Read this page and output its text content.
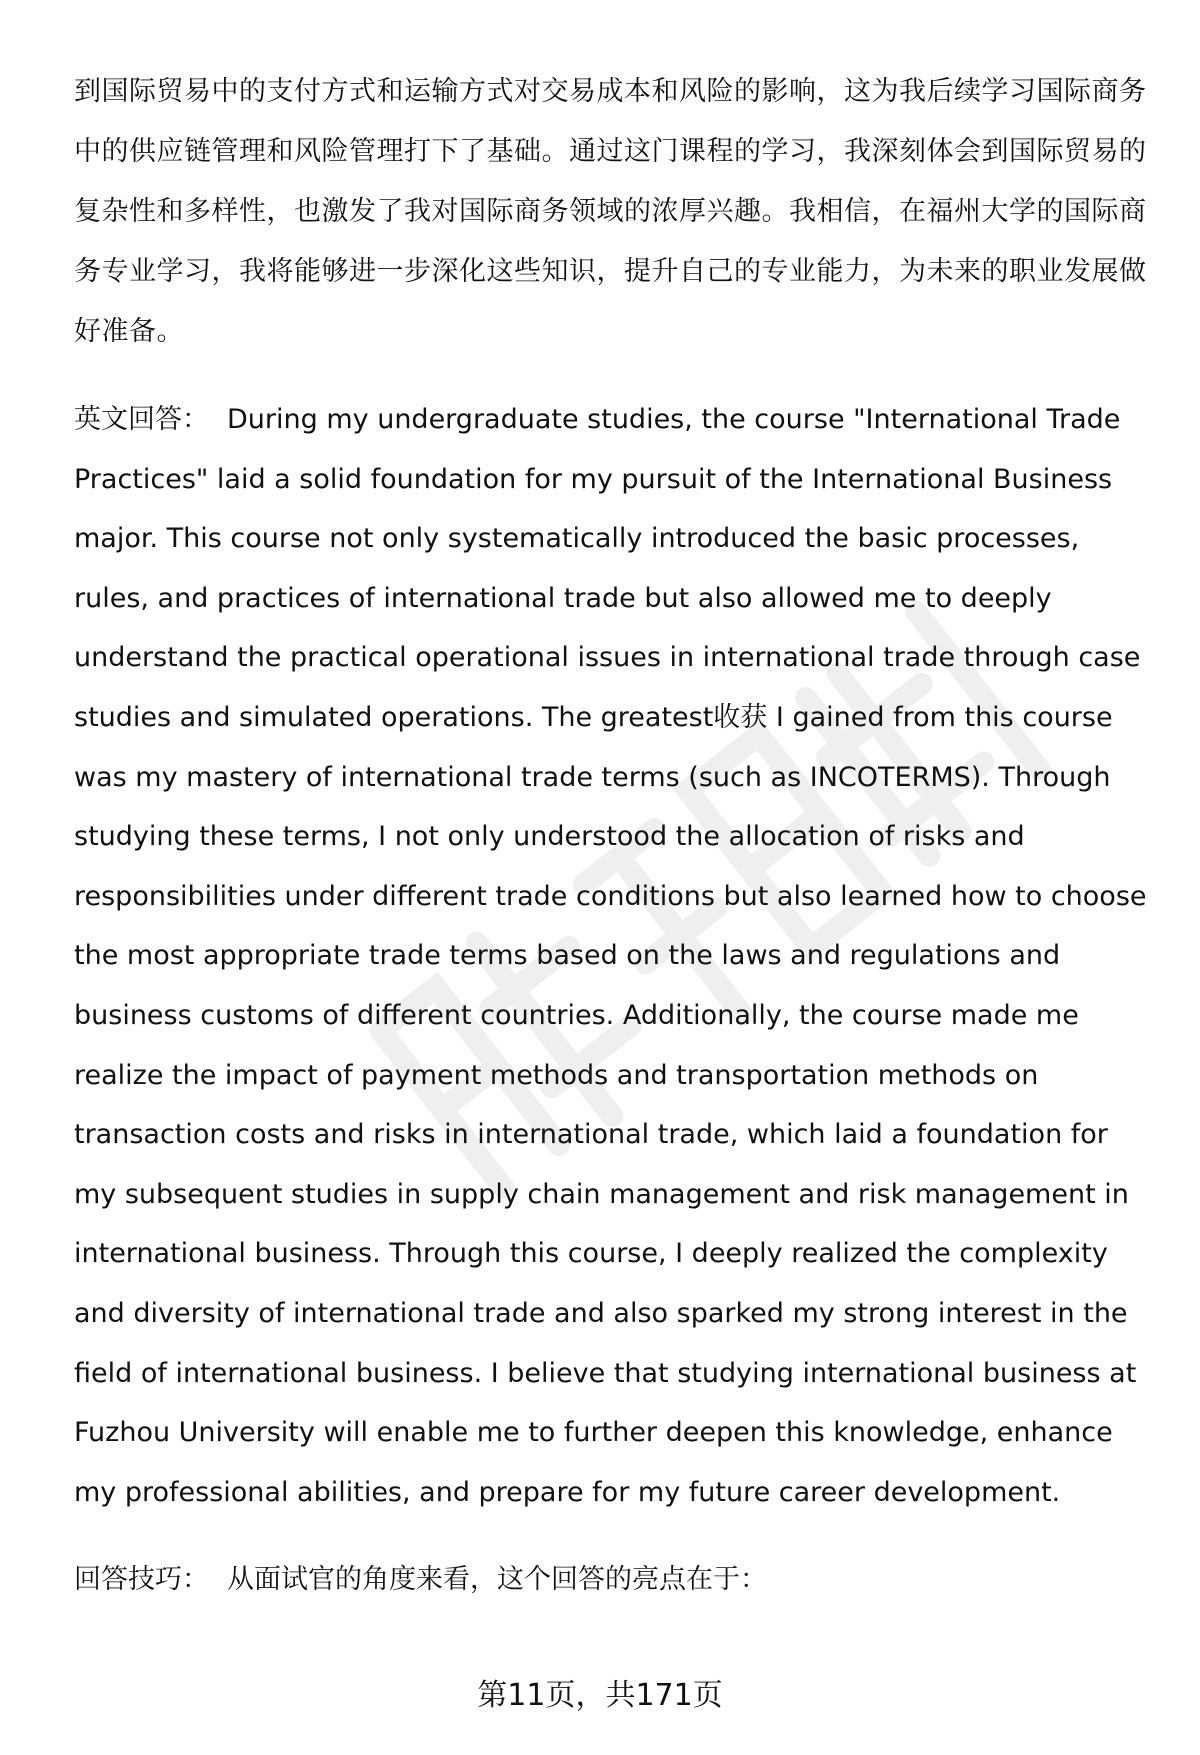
到国际贸易中的支付方式和运输方式对交易成本和风险的影响，这为我后续学习国际商务中的供应链管理和风险管理打下了基础。通过这门课程的学习，我深刻体会到国际贸易的复杂性和多样性，也激发了我对国际商务领域的浓厚兴趣。我相信，在福州大学的国际商务专业学习，我将能够进一步深化这些知识，提升自己的专业能力，为未来的职业发展做好准备。

英文回答： During my undergraduate studies, the course "International Trade Practices" laid a solid foundation for my pursuit of the International Business major. This course not only systematically introduced the basic processes, rules, and practices of international trade but also allowed me to deeply understand the practical operational issues in international trade through case studies and simulated operations. The greatest收获 I gained from this course was my mastery of international trade terms (such as INCOTERMS). Through studying these terms, I not only understood the allocation of risks and responsibilities under different trade conditions but also learned how to choose the most appropriate trade terms based on the laws and regulations and business customs of different countries. Additionally, the course made me realize the impact of payment methods and transportation methods on transaction costs and risks in international trade, which laid a foundation for my subsequent studies in supply chain management and risk management in international business. Through this course, I deeply realized the complexity and diversity of international trade and also sparked my strong interest in the field of international business. I believe that studying international business at Fuzhou University will enable me to further deepen this knowledge, enhance my professional abilities, and prepare for my future career development.

回答技巧： 从面试官的角度来看，这个回答的亮点在于：

第11页，共171页
